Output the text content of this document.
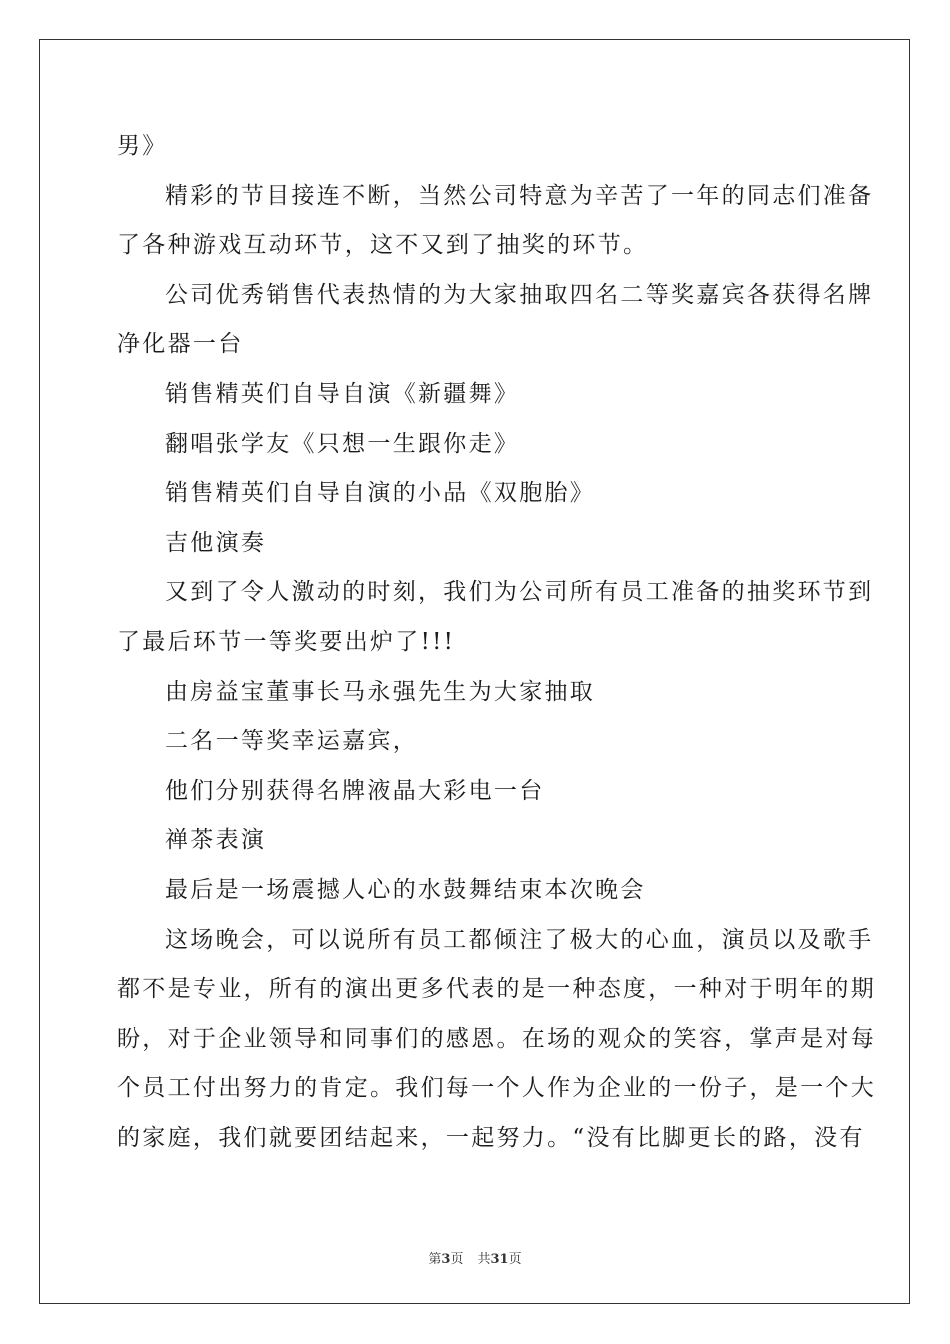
男》

精彩的节目接连不断，当然公司特意为辛苦了一年的同志们准备

了各种游戏互动环节，这不又到了抽奖的环节。

公司优秀销售代表热情的为大家抽取四名二等奖嘉宾各获得名牌

净化器一台

销售精英们自导自演《新疆舞》

翻唱张学友《只想一生跟你走》

销售精英们自导自演的小品《双胞胎》

吉他演奏

又到了令人激动的时刻，我们为公司所有员工准备的抽奖环节到

了最后环节一等奖要出炉了!!!

由房益宝董事长马永强先生为大家抽取

二名一等奖幸运嘉宾，

他们分别获得名牌液晶大彩电一台

禅茶表演

最后是一场震撼人心的水鼓舞结束本次晚会

这场晚会，可以说所有员工都倾注了极大的心血，演员以及歌手

都不是专业，所有的演出更多代表的是一种态度，一种对于明年的期

盼，对于企业领导和同事们的感恩。在场的观众的笑容，掌声是对每

个员工付出努力的肯定。我们每一个人作为企业的一份子，是一个大

的家庭，我们就要团结起来，一起努力。“没有比脚更长的路，没有

第3页 共31页
